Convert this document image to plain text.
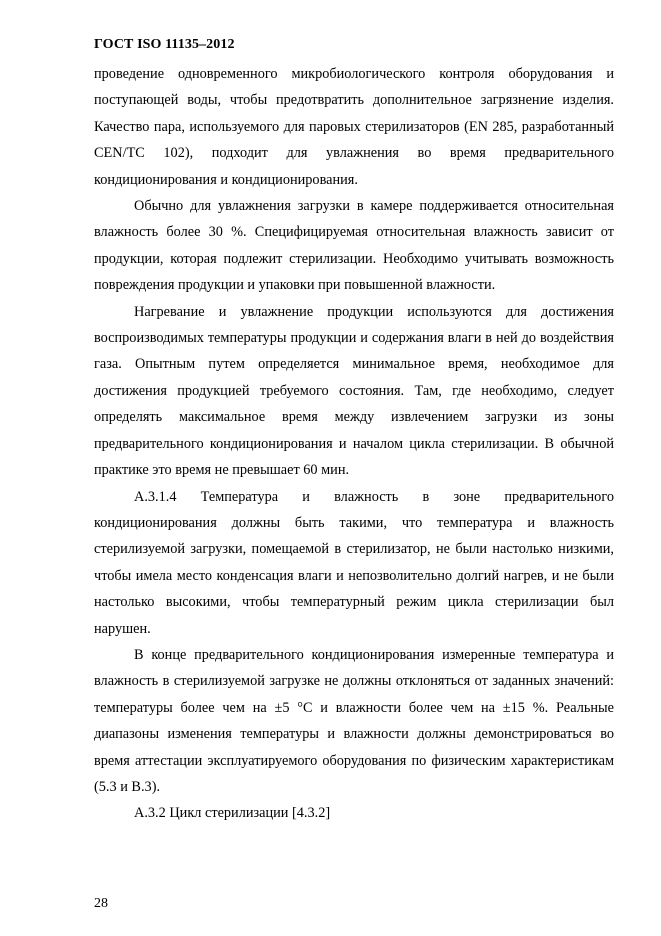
ГОСТ ISO 11135–2012

проведение одновременного микробиологического контроля оборудования и поступающей воды, чтобы предотвратить дополнительное загрязнение изделия. Качество пара, используемого для паровых стерилизаторов (EN 285, разработанный CEN/TC 102), подходит для увлажнения во время предварительного кондиционирования и кондиционирования.

Обычно для увлажнения загрузки в камере поддерживается относительная влажность более 30 %. Специфицируемая относительная влажность зависит от продукции, которая подлежит стерилизации. Необходимо учитывать возможность повреждения продукции и упаковки при повышенной влажности.

Нагревание и увлажнение продукции используются для достижения воспроизводимых температуры продукции и содержания влаги в ней до воздействия газа. Опытным путем определяется минимальное время, необходимое для достижения продукцией требуемого состояния. Там, где необходимо, следует определять максимальное время между извлечением загрузки из зоны предварительного кондиционирования и началом цикла стерилизации. В обычной практике это время не превышает 60 мин.

А.3.1.4 Температура и влажность в зоне предварительного кондиционирования должны быть такими, что температура и влажность стерилизуемой загрузки, помещаемой в стерилизатор, не были настолько низкими, чтобы имела место конденсация влаги и непозволительно долгий нагрев, и не были настолько высокими, чтобы температурный режим цикла стерилизации был нарушен.

В конце предварительного кондиционирования измеренные температура и влажность в стерилизуемой загрузке не должны отклоняться от заданных значений: температуры более чем на ±5 °С и влажности более чем на ±15 %. Реальные диапазоны изменения температуры и влажности должны демонстрироваться во время аттестации эксплуатируемого оборудования по физическим характеристикам (5.3 и В.3).

А.3.2 Цикл стерилизации [4.3.2]

28
